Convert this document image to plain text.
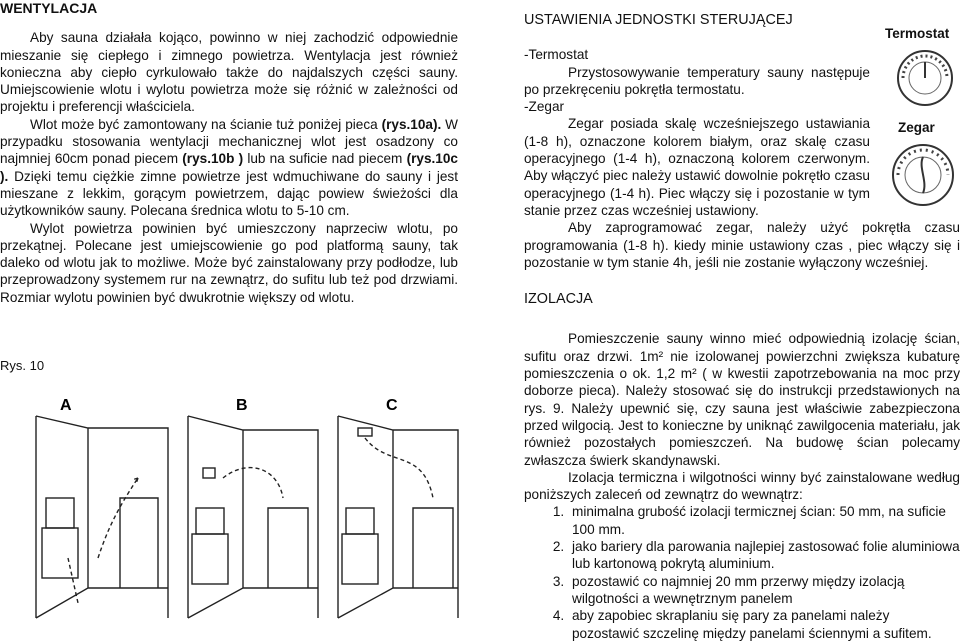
WENTYLACJA

Aby sauna działała kojąco, powinno w niej zachodzić odpowiednie mieszanie się ciepłego i zimnego powietrza. Wentylacja jest również konieczna aby ciepło cyrkulowało także do najdalszych części sauny. Umiejscowienie wlotu i wylotu powietrza może się różnić w zależności od projektu i preferencji właściciela.

Wlot może być zamontowany na ścianie tuż poniżej pieca (rys.10a). W przypadku stosowania wentylacji mechanicznej wlot jest osadzony co najmniej 60cm ponad piecem (rys.10b ) lub na suficie nad piecem (rys.10c ). Dzięki temu ciężkie zimne powietrze jest wdmuchiwane do sauny i jest mieszane z lekkim, gorącym powietrzem, dając powiew świeżości dla użytkowników sauny. Polecana średnica wlotu to 5-10 cm.

Wylot powietrza powinien być umieszczony naprzeciw wlotu, po przekątnej. Polecane jest umiejscowienie go pod platformą sauny, tak daleko od wlotu jak to możliwe. Może być zainstalowany przy podłodze, lub przeprowadzony systemem rur na zewnątrz, do sufitu lub też pod drzwiami. Rozmiar wylotu powinien być dwukrotnie większy od wlotu.

Rys. 10
A	B	C
USTAWIENIA JEDNOSTKI STERUJĄCEJ

-Termostat

Przystosowywanie temperatury sauny następuje po przekręceniu pokrętła termostatu.

-Zegar

Zegar posiada skalę wcześniejszego ustawiania (1-8 h), oznaczone kolorem białym, oraz skalę czasu operacyjnego (1-4 h), oznaczoną kolorem czerwonym. Aby włączyć piec należy ustawić dowolnie pokrętło czasu operacyjnego (1-4 h). Piec włączy się i pozostanie w tym stanie przez czas wcześniej ustawiony.

Aby zaprogramować zegar, należy użyć pokrętła czasu programowania (1-8 h). kiedy minie ustawiony czas , piec włączy się i pozostanie w tym stanie 4h, jeśli nie zostanie wyłączony wcześniej.

IZOLACJA

Pomieszczenie sauny winno mieć odpowiednią izolację ścian, sufitu oraz drzwi. 1m² nie izolowanej powierzchni zwiększa kubaturę pomieszczenia o ok. 1,2 m² ( w kwestii zapotrzebowania na moc przy doborze pieca). Należy stosować się do instrukcji przedstawionych na rys. 9. Należy upewnić się, czy sauna jest właściwie zabezpieczona przed wilgocią. Jest to konieczne by uniknąć zawilgocenia materiału, jak również pozostałych pomieszczeń. Na budowę ścian polecamy zwłaszcza świerk skandynawski.

Izolacja termiczna i wilgotności winny być zainstalowane według poniższych zaleceń od zewnątrz do wewnątrz:

1. minimalna grubość izolacji termicznej ścian: 50 mm, na suficie 100 mm.
2. jako bariery dla parowania najlepiej zastosować folie aluminiowa lub kartonową pokrytą aluminium.
3. pozostawić co najmniej 20 mm przerwy między izolacją wilgotności a wewnętrznym panelem
4. aby zapobiec skraplaniu się pary za panelami należy pozostawić szczelinę między panelami ściennymi a sufitem.
Termostat
Zegar
